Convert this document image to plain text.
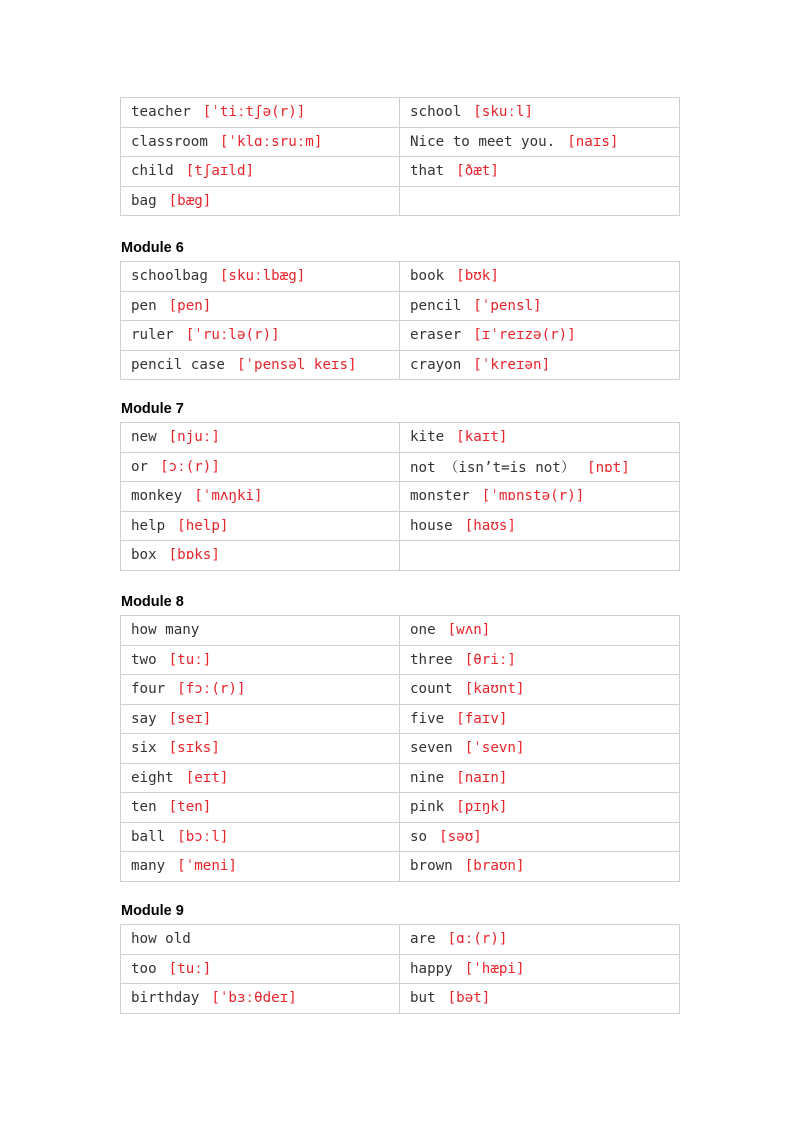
teacher [ˈtiːtʃə(r)]	school [skuːl]
classroom [ˈklɑːsruːm]	Nice to meet you. [naɪs]
child [tʃaɪld]	that [ðæt]
bag [bæg]	
Module 6
schoolbag [skuːlbæg]	book [bʊk]
pen [pen]	pencil [ˈpensl]
ruler [ˈruːlə(r)]	eraser [ɪˈreɪzə(r)]
pencil case [ˈpensəl keɪs]	crayon [ˈkreɪən]
Module 7
new [njuː]	kite [kaɪt]
or [ɔː(r)]	not （isn’t=is not） [nɒt]
monkey [ˈmʌŋki]	monster [ˈmɒnstə(r)]
help [help]	house [haʊs]
box [bɒks]	
Module 8
how many	one [wʌn]
two [tuː]	three [θriː]
four [fɔː(r)]	count [kaʊnt]
say [seɪ]	five [faɪv]
six [sɪks]	seven [ˈsevn]
eight [eɪt]	nine [naɪn]
ten [ten]	pink [pɪŋk]
ball [bɔːl]	so [səʊ]
many [ˈmeni]	brown [braʊn]
Module 9
how old	are [ɑː(r)]
too [tuː]	happy [ˈhæpi]
birthday [ˈbɜːθdeɪ]	but [bət]
